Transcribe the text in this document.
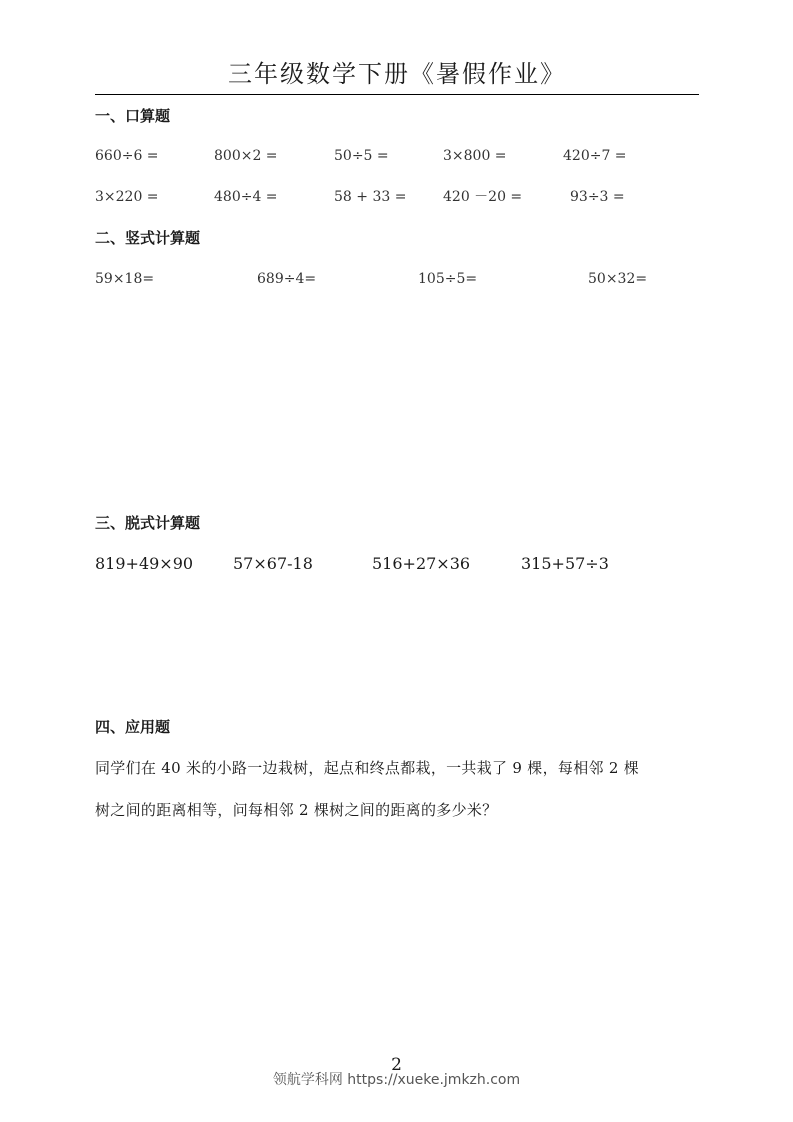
三年级数学下册《暑假作业》
一、口算题
660÷6 =	800×2 =	50÷5 =	3×800 =	420÷7 =
3×220 =	480÷4 =	58 + 33 =	420 －20 =	93÷3 =
二、竖式计算题
59×18=	689÷4=	105÷5=	50×32=
三、脱式计算题
819+49×90 57×67-18	516+27×36	315+57÷3
四、应用题
同学们在 40 米的小路一边栽树，起点和终点都栽，一共栽了 9 棵，每相邻 2 棵
树之间的距离相等，问每相邻 2 棵树之间的距离的多少米？
2
领航学科网 https://xueke.jmkzh.com
